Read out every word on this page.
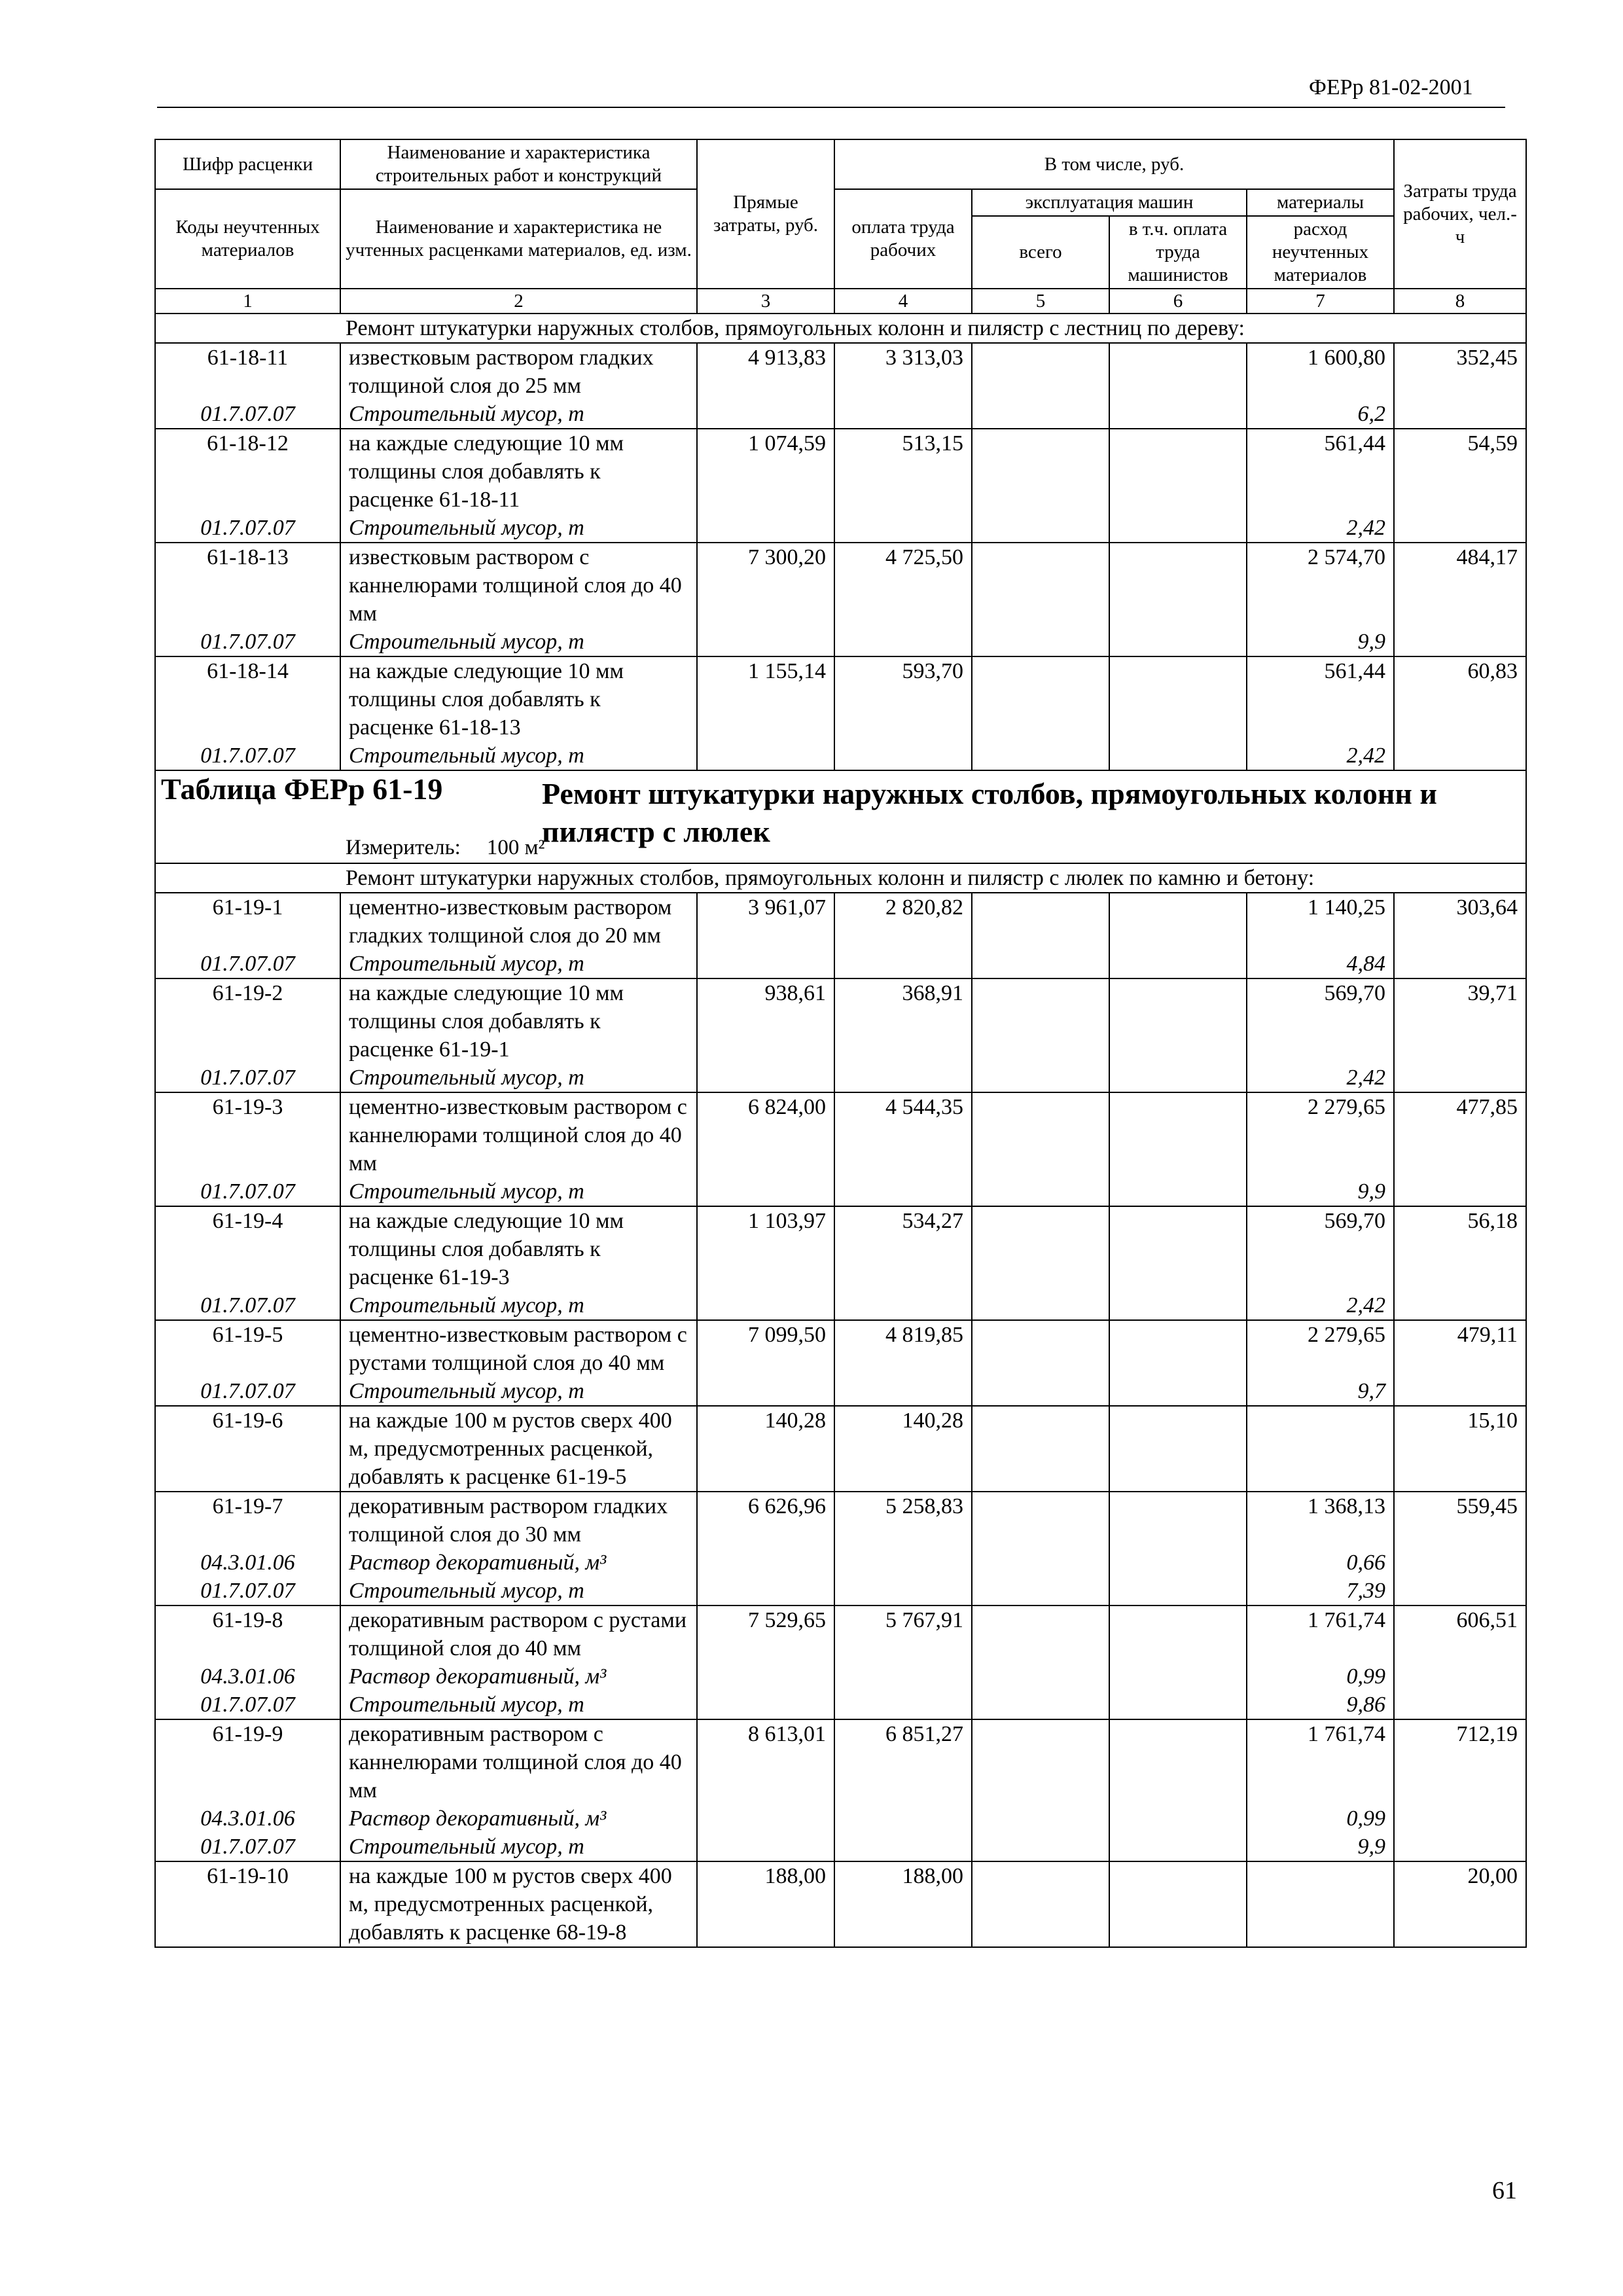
ФЕРр 81-02-2001
Шифр расценки	Наименование и характеристика строительных работ и конструкций	Прямые затраты, руб.	В том числе, руб.				Затраты труда рабочих, чел.-ч
Коды неучтенных материалов	Наименование и характеристика не учтенных расценками материалов, ед. изм.		оплата труда рабочих	эксплуатация машин		материалы	
				всего	в т.ч. оплата труда машинистов	расход неучтенных материалов	
1	2	3	4	5	6	7	8
Ремонт штукатурки наружных столбов, прямоугольных колонн и пилястр с лестниц по дереву:							
61-18-11	известковым раствором гладких толщиной слоя до 25 мм	4 913,83	3 313,03			1 600,80	352,45
01.7.07.07	Строительный мусор, т					6,2	
61-18-12	на каждые следующие 10 мм толщины слоя добавлять к расценке 61-18-11	1 074,59	513,15			561,44	54,59
01.7.07.07	Строительный мусор, т					2,42	
61-18-13	известковым раствором с каннелюрами толщиной слоя до 40 мм	7 300,20	4 725,50			2 574,70	484,17
01.7.07.07	Строительный мусор, т					9,9	
61-18-14	на каждые следующие 10 мм толщины слоя добавлять к расценке 61-18-13	1 155,14	593,70			561,44	60,83
01.7.07.07	Строительный мусор, т					2,42	

Таблица ФЕРр 61-19 Ремонт штукатурки наружных столбов, прямоугольных колонн и пилястр с люлек
Измеритель: 100 м²							

Ремонт штукатурки наружных столбов, прямоугольных колонн и пилястр с люлек по камню и бетону:							
61-19-1	цементно-известковым раствором гладких толщиной слоя до 20 мм	3 961,07	2 820,82			1 140,25	303,64
01.7.07.07	Строительный мусор, т					4,84	
61-19-2	на каждые следующие 10 мм толщины слоя добавлять к расценке 61-19-1	938,61	368,91			569,70	39,71
01.7.07.07	Строительный мусор, т					2,42	
61-19-3	цементно-известковым раствором с каннелюрами толщиной слоя до 40 мм	6 824,00	4 544,35			2 279,65	477,85
01.7.07.07	Строительный мусор, т					9,9	
61-19-4	на каждые следующие 10 мм толщины слоя добавлять к расценке 61-19-3	1 103,97	534,27			569,70	56,18
01.7.07.07	Строительный мусор, т					2,42	
61-19-5	цементно-известковым раствором с рустами толщиной слоя до 40 мм	7 099,50	4 819,85			2 279,65	479,11
01.7.07.07	Строительный мусор, т					9,7	
61-19-6	на каждые 100 м рустов сверх 400 м, предусмотренных расценкой, добавлять к расценке 61-19-5	140,28	140,28				15,10
61-19-7	декоративным раствором гладких толщиной слоя до 30 мм	6 626,96	5 258,83			1 368,13	559,45
04.3.01.06	Раствор декоративный, м³					0,66	
01.7.07.07	Строительный мусор, т					7,39	
61-19-8	декоративным раствором с рустами толщиной слоя до 40 мм	7 529,65	5 767,91			1 761,74	606,51
04.3.01.06	Раствор декоративный, м³					0,99	
01.7.07.07	Строительный мусор, т					9,86	
61-19-9	декоративным раствором с каннелюрами толщиной слоя до 40 мм	8 613,01	6 851,27			1 761,74	712,19
04.3.01.06	Раствор декоративный, м³					0,99	
01.7.07.07	Строительный мусор, т					9,9	
61-19-10	на каждые 100 м рустов сверх 400 м, предусмотренных расценкой, добавлять к расценке 68-19-8	188,00	188,00				20,00
61
